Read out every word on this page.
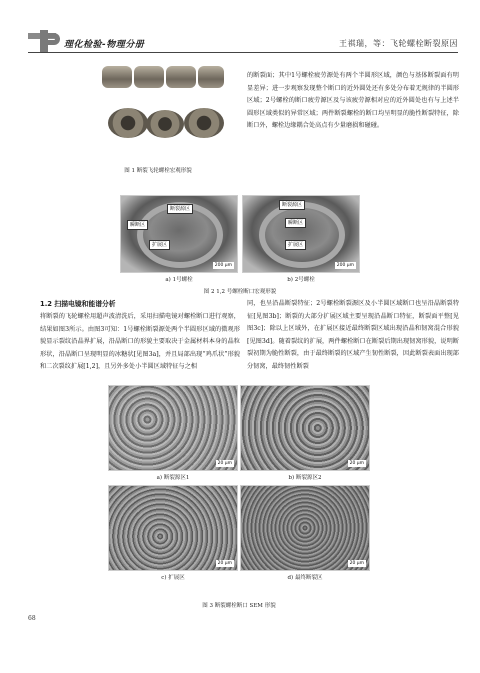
理化检验-物理分册	王祺瑞，等：飞轮螺栓断裂原因
图 1 断裂飞轮螺栓宏观形貌
的断裂面；其中1号螺栓疲劳源处有两个半圆形区域，颜色与基体断裂面有明显差异；进一步观察发现整个断口的近外圆处还有多处分布着无规律的半圆形区域；2号螺栓的断口疲劳源区及与该疲劳源相对应的近外圆处也有与上述半圆形区域类似的异常区域；两件断裂螺栓的断口均呈明显的脆性断裂特征，除断口外，螺栓边缘耦合处高点有少量磨损和碰碰。
断裂源区
瞬断区
扩展区
200 μm
断裂源区
瞬断区
扩展区
200 μm
a) 1号螺栓	b) 2号螺栓
图 2 1,2 号螺栓断口宏观形貌
1.2 扫描电镜和能谱分析
将断裂的飞轮螺栓用超声波清洗后，采用扫描电镜对螺栓断口进行观察，结果如图3所示。由图3可知：1号螺栓断裂源处两个半圆形区域的微观形貌显示裂纹沿晶界扩展，沿晶断口的形貌主要取决于金属材料本身的晶粒形状，沿晶断口呈现明显的冰糖状[见图3a]，并且局部出现“鸡爪状”形貌和二次裂纹扩展[1,2]，且另外多处小半圆区域特征与之相
同，也呈沿晶断裂特征；2号螺栓断裂源区及小半圆区域断口也呈沿晶断裂特征[见图3b]；断裂的大部分扩展区域主要呈现沿晶断口特征，断裂面平整[见图3c]；除以上区域外，在扩展区接近最终断裂区域出现沿晶和韧窝混合形貌[见图3d]。随着裂纹的扩展，两件螺栓断口在断裂后期出现韧窝形貌，说明断裂初期为脆性断裂，由于最终断裂的区域产生韧性断裂，因此断裂表面出现部分韧窝，最终韧性断裂
20 μm	20 μm
a) 断裂源区1	b) 断裂源区2
20 μm	20 μm
c) 扩展区	d) 最终断裂区
图 3 断裂螺栓断口 SEM 形貌
68
